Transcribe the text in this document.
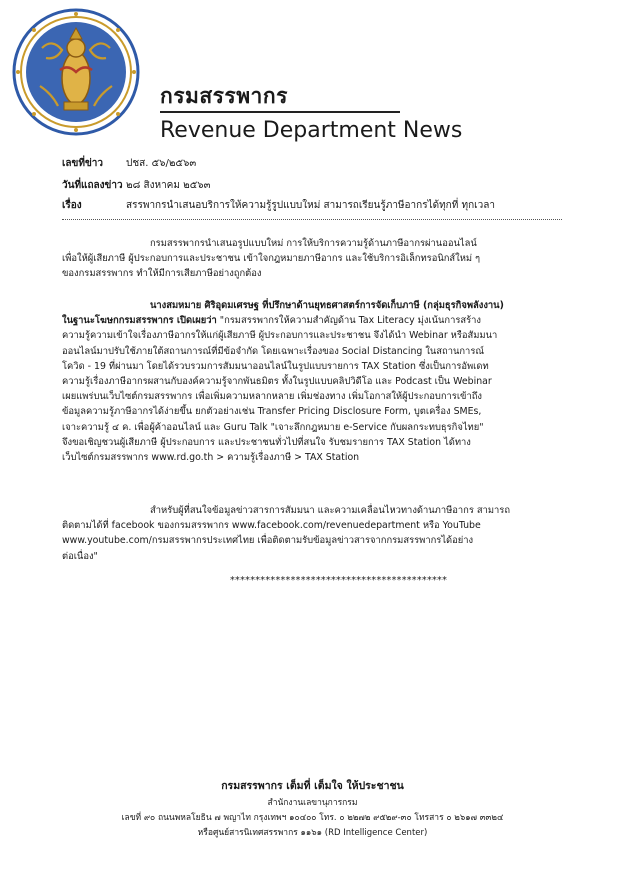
กรมสรรพากร
Revenue Department News
เลขที่ข่าว ปชส. ๕๖/๒๕๖๓
วันที่แถลงข่าว ๒๘ สิงหาคม ๒๕๖๓
เรื่อง	สรรพากรนำเสนอบริการให้ความรู้รูปแบบใหม่ สามารถเรียนรู้ภาษีอากรได้ทุกที่ ทุกเวลา
กรมสรรพากรนำเสนอรูปแบบใหม่ การให้บริการความรู้ด้านภาษีอากรผ่านออนไลน์
เพื่อให้ผู้เสียภาษี ผู้ประกอบการและประชาชน เข้าใจกฎหมายภาษีอากร และใช้บริการอิเล็กทรอนิกส์ใหม่ ๆ
ของกรมสรรพากร ทำให้มีการเสียภาษีอย่างถูกต้อง
นางสมหมาย ศิริอุดมเศรษฐ ที่ปรึกษาด้านยุทธศาสตร์การจัดเก็บภาษี (กลุ่มธุรกิจพลังงาน)
ในฐานะโฆษกกรมสรรพากร เปิดเผยว่า "กรมสรรพากรให้ความสำคัญด้าน Tax Literacy มุ่งเน้นการสร้าง
ความรู้ความเข้าใจเรื่องภาษีอากรให้แก่ผู้เสียภาษี ผู้ประกอบการและประชาชน จึงได้นำ Webinar หรือสัมมนา
ออนไลน์มาปรับใช้ภายใต้สถานการณ์ที่มีข้อจำกัด โดยเฉพาะเรื่องของ Social Distancing ในสถานการณ์
โควิด - 19 ที่ผ่านมา โดยได้รวบรวมการสัมมนาออนไลน์ในรูปแบบรายการ TAX Station ซึ่งเป็นการอัพเดท
ความรู้เรื่องภาษีอากรผสานกับองค์ความรู้จากพันธมิตร ทั้งในรูปแบบคลิปวิดีโอ และ Podcast เป็น Webinar
เผยแพร่บนเว็บไซต์กรมสรรพากร เพื่อเพิ่มความหลากหลาย เพิ่มช่องทาง เพิ่มโอกาสให้ผู้ประกอบการเข้าถึง
ข้อมูลความรู้ภาษีอากรได้ง่ายขึ้น ยกตัวอย่างเช่น Transfer Pricing Disclosure Form, บูตเครื่อง SMEs,
เจาะความรู้ ๔ ค. เพื่อผู้ค้าออนไลน์ และ Guru Talk "เจาะลึกกฎหมาย e-Service กับผลกระทบธุรกิจไทย"
จึงขอเชิญชวนผู้เสียภาษี ผู้ประกอบการ และประชาชนทั่วไปที่สนใจ รับชมรายการ TAX Station ได้ทาง
เว็บไซต์กรมสรรพากร www.rd.go.th > ความรู้เรื่องภาษี > TAX Station
สำหรับผู้ที่สนใจข้อมูลข่าวสารการสัมมนา และความเคลื่อนไหวทางด้านภาษีอากร สามารถ
ติดตามได้ที่ facebook ของกรมสรรพากร www.facebook.com/revenuedepartment หรือ YouTube
www.youtube.com/กรมสรรพากรประเทศไทย เพื่อติดตามรับข้อมูลข่าวสารจากกรมสรรพากรได้อย่าง
ต่อเนื่อง"
*******************************************
กรมสรรพากร เต็มที่ เต็มใจ ให้ประชาชน
สำนักงานเลขานุการกรม
เลขที่ ๙๐ ถนนพหลโยธิน ๗ พญาไท กรุงเทพฯ ๑๐๔๐๐ โทร. ๐ ๒๒๗๒ ๙๕๒๙-๓๐ โทรสาร ๐ ๒๖๑๗ ๓๓๒๔
หรือศูนย์สารนิเทศสรรพากร ๑๑๖๑ (RD Intelligence Center)
